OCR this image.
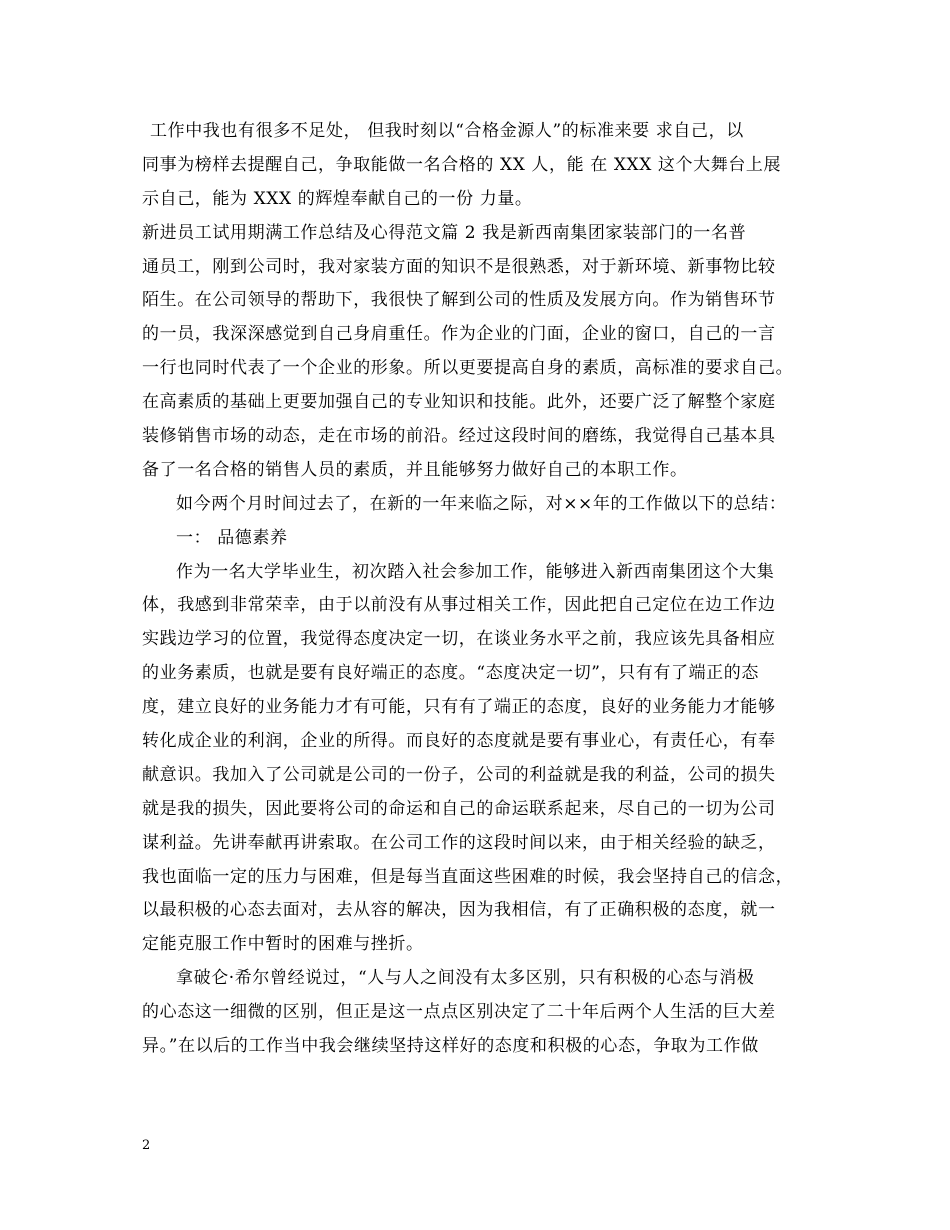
工作中我也有很多不足处， 但我时刻以“合格金源人”的标准来要 求自己，以
同事为榜样去提醒自己，争取能做一名合格的 XX 人，能 在 XXX 这个大舞台上展
示自己，能为 XXX 的辉煌奉献自己的一份 力量。
新进员工试用期满工作总结及心得范文篇 2 我是新西南集团家装部门的一名普
通员工，刚到公司时，我对家装方面的知识不是很熟悉，对于新环境、新事物比较
陌生。在公司领导的帮助下，我很快了解到公司的性质及发展方向。作为销售环节
的一员，我深深感觉到自己身肩重任。作为企业的门面，企业的窗口，自己的一言
一行也同时代表了一个企业的形象。所以更要提高自身的素质，高标准的要求自己。
在高素质的基础上更要加强自己的专业知识和技能。此外，还要广泛了解整个家庭
装修销售市场的动态，走在市场的前沿。经过这段时间的磨练，我觉得自己基本具
备了一名合格的销售人员的素质，并且能够努力做好自己的本职工作。
如今两个月时间过去了，在新的一年来临之际，对××年的工作做以下的总结：
一： 品德素养
作为一名大学毕业生，初次踏入社会参加工作，能够进入新西南集团这个大集
体，我感到非常荣幸，由于以前没有从事过相关工作，因此把自己定位在边工作边
实践边学习的位置，我觉得态度决定一切，在谈业务水平之前，我应该先具备相应
的业务素质，也就是要有良好端正的态度。“态度决定一切”，只有有了端正的态
度，建立良好的业务能力才有可能，只有有了端正的态度，良好的业务能力才能够
转化成企业的利润，企业的所得。而良好的态度就是要有事业心，有责任心，有奉
献意识。我加入了公司就是公司的一份子，公司的利益就是我的利益，公司的损失
就是我的损失，因此要将公司的命运和自己的命运联系起来，尽自己的一切为公司
谋利益。先讲奉献再讲索取。在公司工作的这段时间以来，由于相关经验的缺乏，
我也面临一定的压力与困难，但是每当直面这些困难的时候，我会坚持自己的信念，
以最积极的心态去面对，去从容的解决，因为我相信，有了正确积极的态度，就一
定能克服工作中暂时的困难与挫折。
拿破仑·希尔曾经说过，“人与人之间没有太多区别，只有积极的心态与消极
的心态这一细微的区别，但正是这一点点区别决定了二十年后两个人生活的巨大差
异。”在以后的工作当中我会继续坚持这样好的态度和积极的心态，争取为工作做
2
